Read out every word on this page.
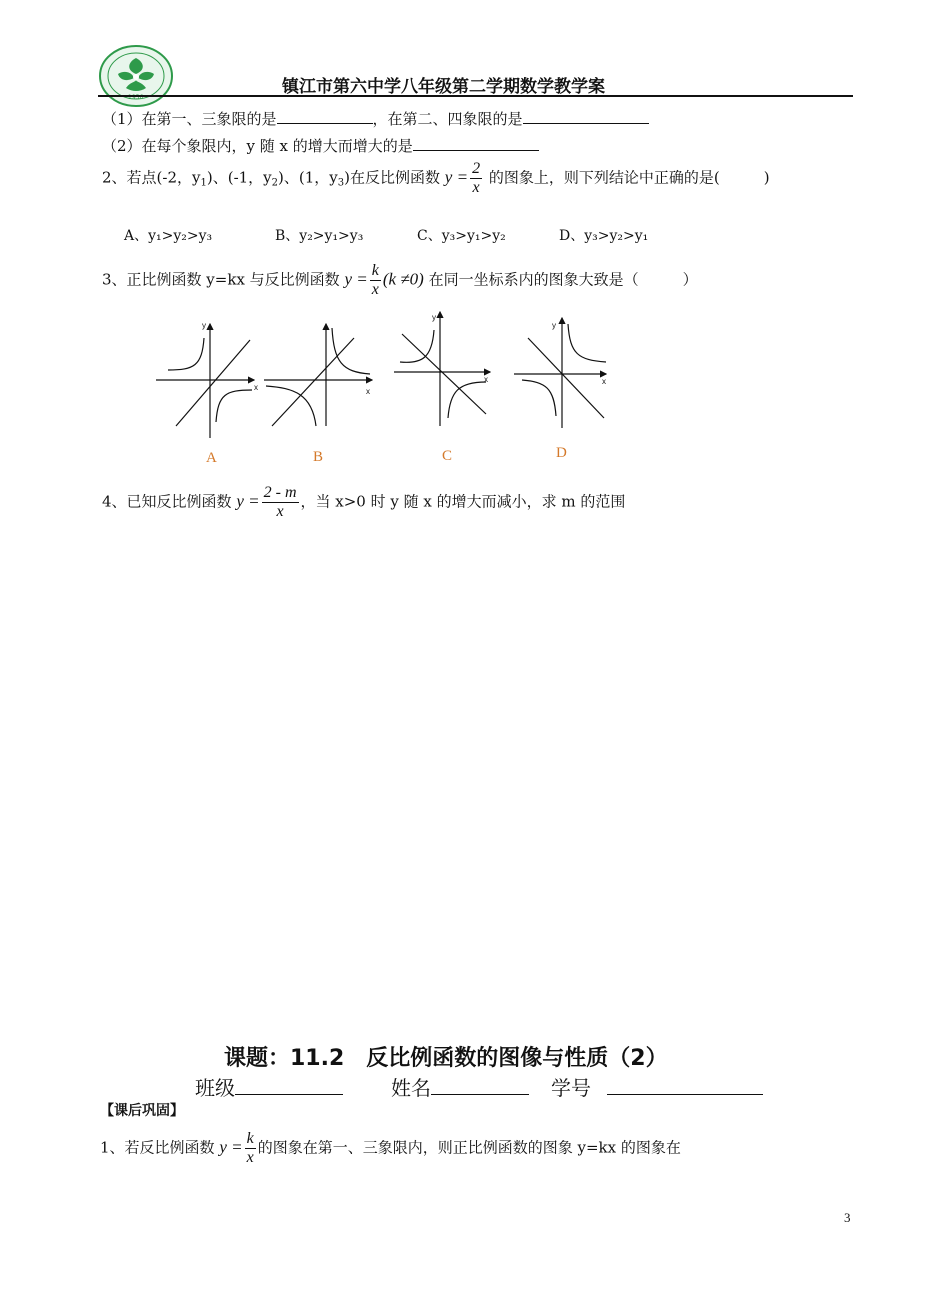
1956
镇江市第六中学八年级第二学期数学教学案
（1）在第一、三象限的是	，在第二、四象限的是
（2）在每个象限内，y 随 x 的增大而增大的是
2、若点(-2，$y_1$)、(-1，$y_2$)、(1，$y_3$)在反比例函数 $y = \frac{2}{x}$ 的图象上，则下列结论中正确的是(	)
A、y₁>y₂>y₃	B、y₂>y₁>y₃	C、y₃>y₁>y₂	D、y₃>y₂>y₁
3、正比例函数 y=kx 与反比例函数 $y = \frac{k}{x} (k \ne 0)$ 在同一坐标系内的图象大致是（	）
x
y
x
x
y
x
y
A	B	C	D
4、已知反比例函数 $y = \frac{2 - m}{x}$ ，当 x>0 时 y 随 x 的增大而减小，求 m 的范围
课题：11.2　反比例函数的图像与性质（2）
班级	姓名	学号
【课后巩固】
1、若反比例函数 $y = \frac{k}{x}$ 的图象在第一、三象限内，则正比例函数的图象 y=kx 的图象在
3
